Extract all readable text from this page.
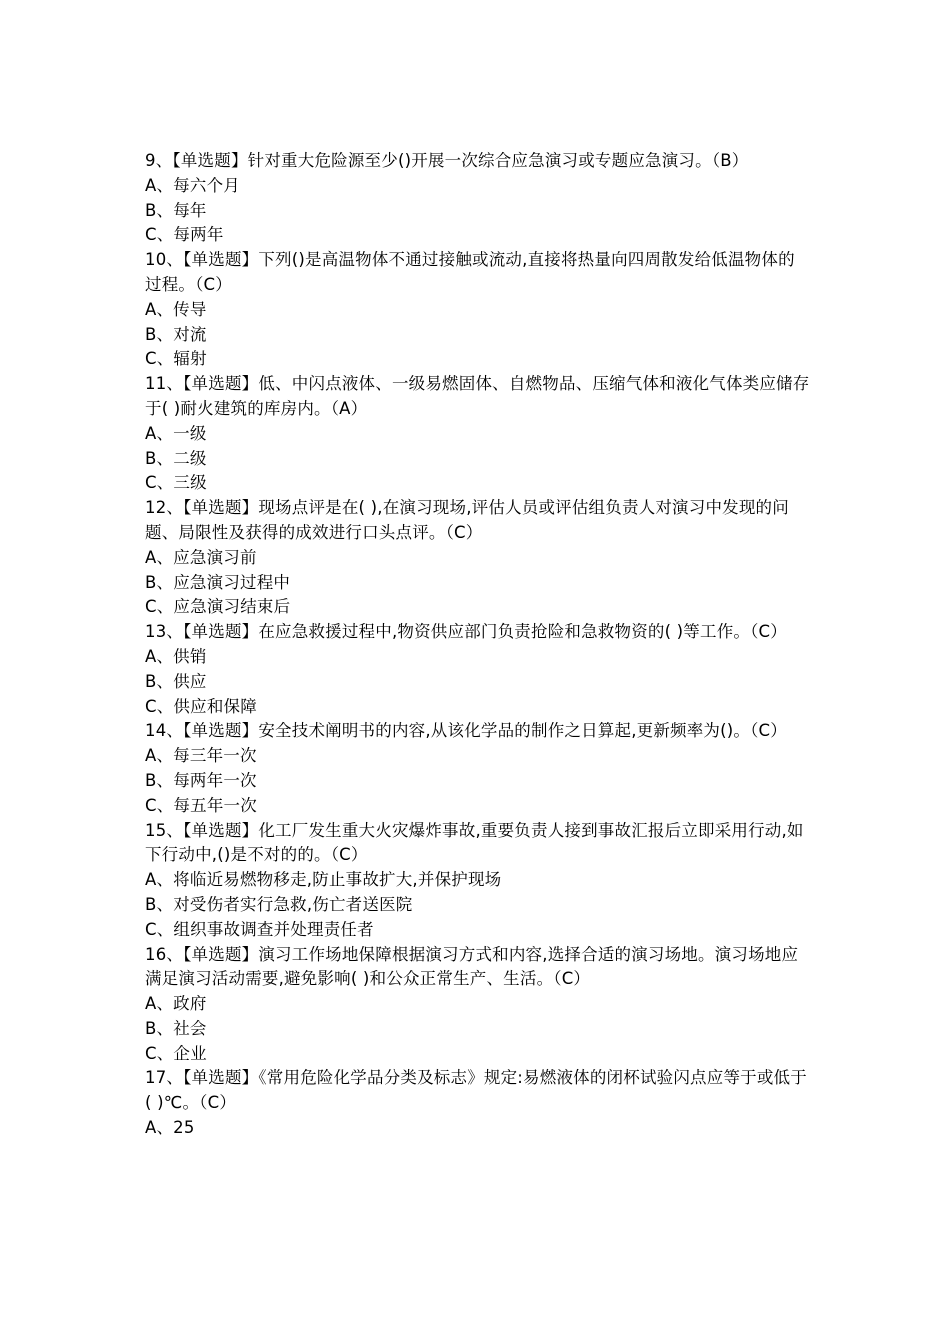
9、【单选题】针对重大危险源至少()开展一次综合应急演习或专题应急演习。（B）
A、每六个月
B、每年
C、每两年
10、【单选题】下列()是高温物体不通过接触或流动,直接将热量向四周散发给低温物体的过程。（C）
A、传导
B、对流
C、辐射
11、【单选题】低、中闪点液体、一级易燃固体、自燃物品、压缩气体和液化气体类应储存于( )耐火建筑的库房内。（A）
A、一级
B、二级
C、三级
12、【单选题】现场点评是在( ),在演习现场,评估人员或评估组负责人对演习中发现的问题、局限性及获得的成效进行口头点评。（C）
A、应急演习前
B、应急演习过程中
C、应急演习结束后
13、【单选题】在应急救援过程中,物资供应部门负责抢险和急救物资的( )等工作。（C）
A、供销
B、供应
C、供应和保障
14、【单选题】安全技术阐明书的内容,从该化学品的制作之日算起,更新频率为()。（C）
A、每三年一次
B、每两年一次
C、每五年一次
15、【单选题】化工厂发生重大火灾爆炸事故,重要负责人接到事故汇报后立即采用行动,如下行动中,()是不对的的。（C）
A、将临近易燃物移走,防止事故扩大,并保护现场
B、对受伤者实行急救,伤亡者送医院
C、组织事故调查并处理责任者
16、【单选题】演习工作场地保障根据演习方式和内容,选择合适的演习场地。演习场地应满足演习活动需要,避免影响( )和公众正常生产、生活。（C）
A、政府
B、社会
C、企业
17、【单选题】《常用危险化学品分类及标志》规定:易燃液体的闭杯试验闪点应等于或低于( )℃。（C）
A、25
